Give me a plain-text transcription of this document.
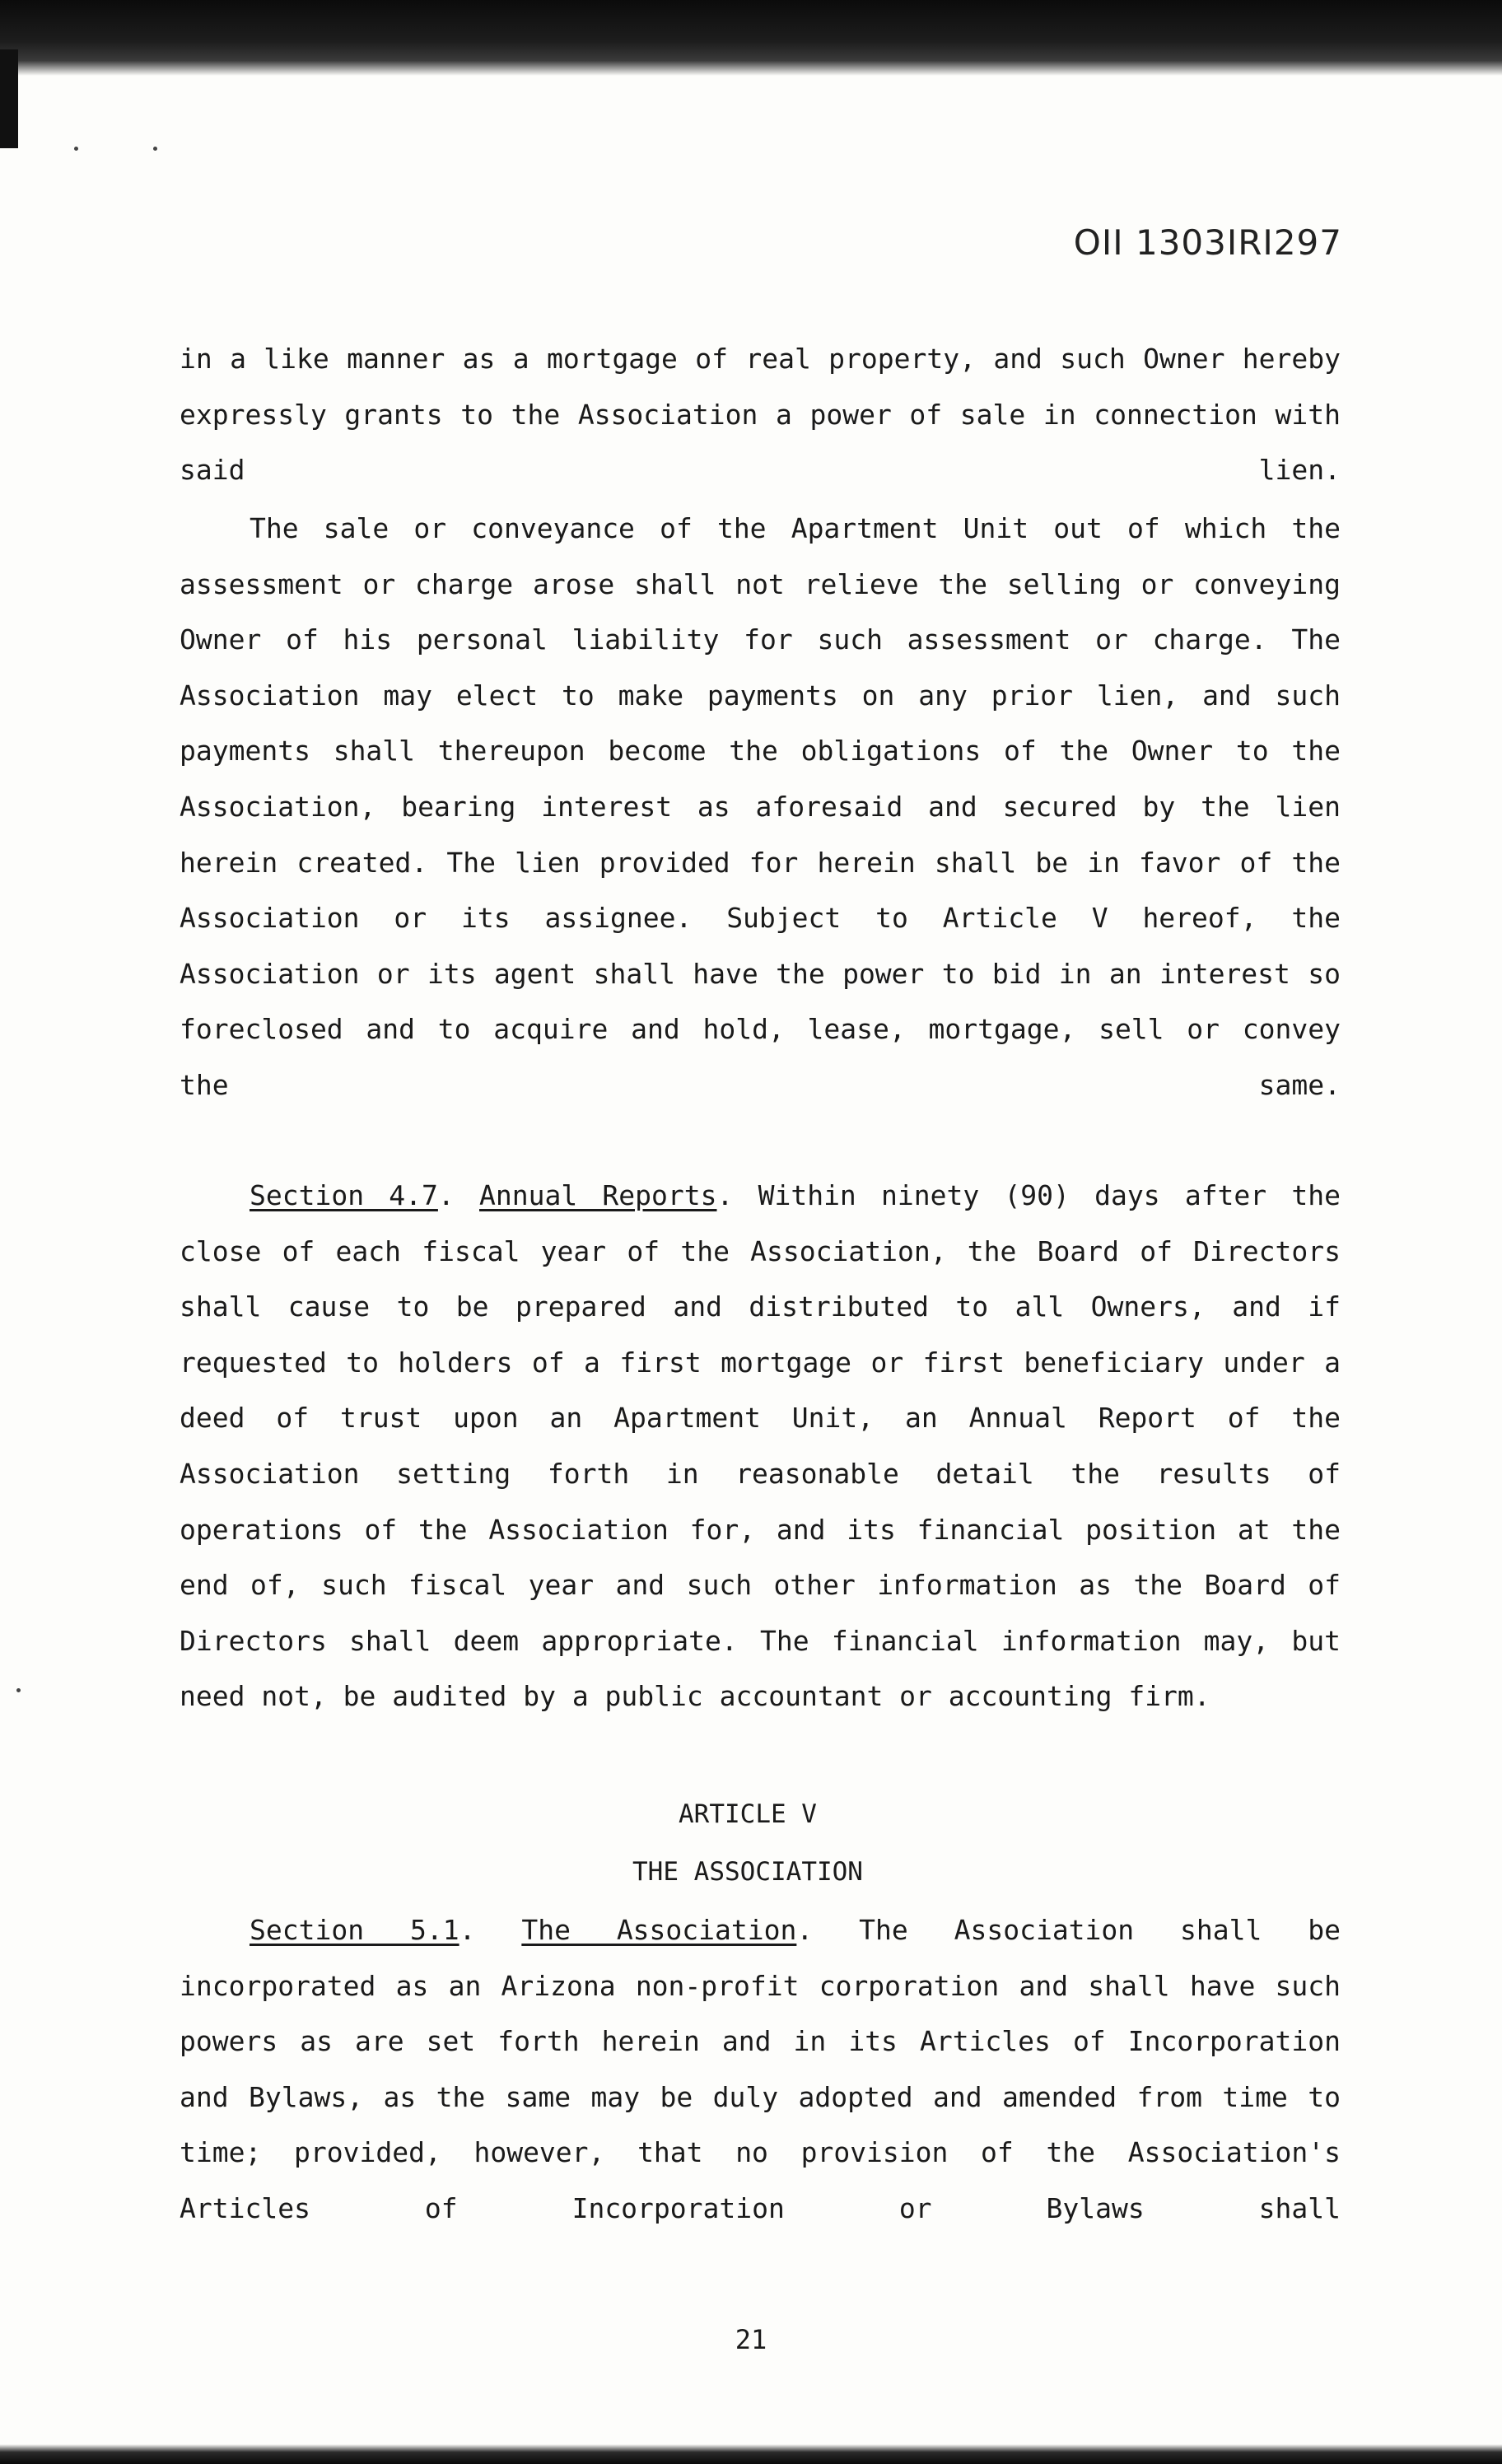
OII 1303IRI297
in a like manner as a mortgage of real property, and such Owner hereby expressly grants to the Association a power of sale in connection with said lien.
The sale or conveyance of the Apartment Unit out of which the assessment or charge arose shall not relieve the selling or conveying Owner of his personal liability for such assessment or charge. The Association may elect to make payments on any prior lien, and such payments shall thereupon become the obligations of the Owner to the Association, bearing interest as aforesaid and secured by the lien herein created. The lien provided for herein shall be in favor of the Association or its assignee. Subject to Article V hereof, the Association or its agent shall have the power to bid in an interest so foreclosed and to acquire and hold, lease, mortgage, sell or convey the same.
Section 4.7. Annual Reports. Within ninety (90) days after the close of each fiscal year of the Association, the Board of Directors shall cause to be prepared and distributed to all Owners, and if requested to holders of a first mortgage or first beneficiary under a deed of trust upon an Apartment Unit, an Annual Report of the Association setting forth in reasonable detail the results of operations of the Association for, and its financial position at the end of, such fiscal year and such other information as the Board of Directors shall deem appropriate. The financial information may, but need not, be audited by a public accountant or accounting firm.
ARTICLE V
THE ASSOCIATION
Section 5.1. The Association. The Association shall be incorporated as an Arizona non-profit corporation and shall have such powers as are set forth herein and in its Articles of Incorporation and Bylaws, as the same may be duly adopted and amended from time to time; provided, however, that no provision of the Association's Articles of Incorporation or Bylaws shall
21
